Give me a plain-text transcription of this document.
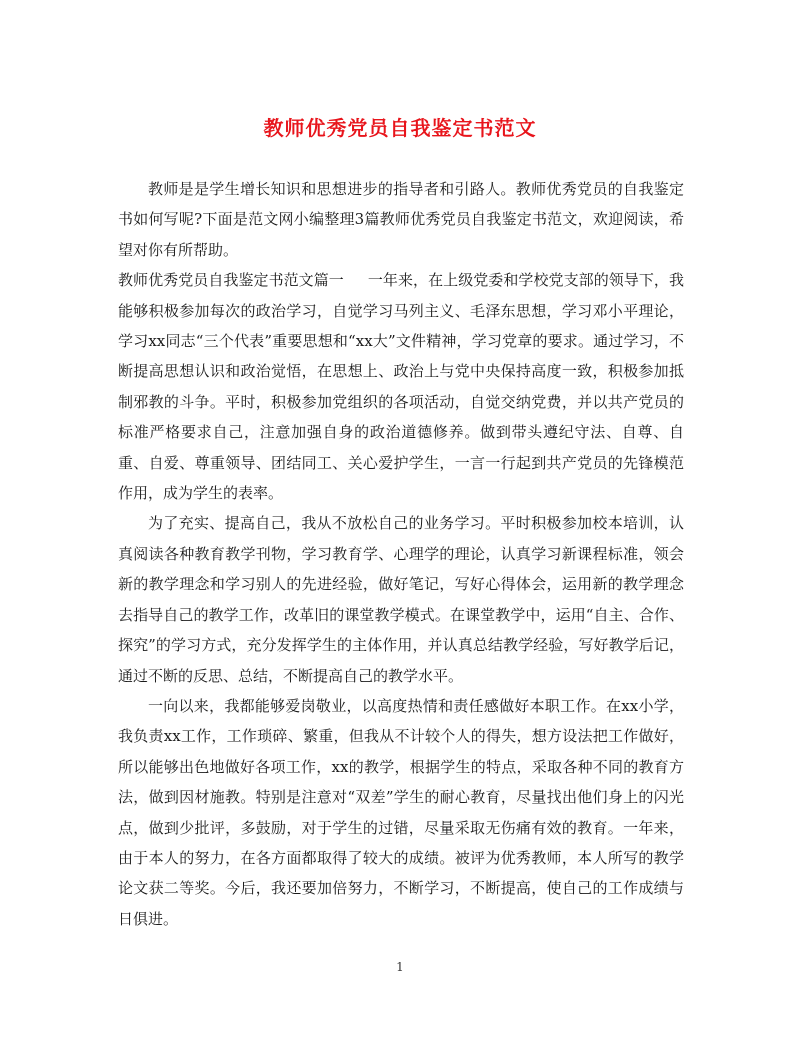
教师优秀党员自我鉴定书范文

教师是是学生增长知识和思想进步的指导者和引路人。教师优秀党员的自我鉴定书如何写呢?下面是范文网小编整理3篇教师优秀党员自我鉴定书范文，欢迎阅读，希望对你有所帮助。

教师优秀党员自我鉴定书范文篇一 一年来，在上级党委和学校党支部的领导下，我能够积极参加每次的政治学习，自觉学习马列主义、毛泽东思想，学习邓小平理论，学习xx同志“三个代表”重要思想和“xx大”文件精神，学习党章的要求。通过学习，不断提高思想认识和政治觉悟，在思想上、政治上与党中央保持高度一致，积极参加抵制邪教的斗争。平时，积极参加党组织的各项活动，自觉交纳党费，并以共产党员的标准严格要求自己，注意加强自身的政治道德修养。做到带头遵纪守法、自尊、自重、自爱、尊重领导、团结同工、关心爱护学生，一言一行起到共产党员的先锋模范作用，成为学生的表率。

为了充实、提高自己，我从不放松自己的业务学习。平时积极参加校本培训，认真阅读各种教育教学刊物，学习教育学、心理学的理论，认真学习新课程标准，领会新的教学理念和学习别人的先进经验，做好笔记，写好心得体会，运用新的教学理念去指导自己的教学工作，改革旧的课堂教学模式。在课堂教学中，运用“自主、合作、探究”的学习方式，充分发挥学生的主体作用，并认真总结教学经验，写好教学后记，通过不断的反思、总结，不断提高自己的教学水平。

一向以来，我都能够爱岗敬业，以高度热情和责任感做好本职工作。在xx小学，我负责xx工作，工作琐碎、繁重，但我从不计较个人的得失，想方设法把工作做好，所以能够出色地做好各项工作，xx的教学，根据学生的特点，采取各种不同的教育方法，做到因材施教。特别是注意对“双差”学生的耐心教育，尽量找出他们身上的闪光点，做到少批评，多鼓励，对于学生的过错，尽量采取无伤痛有效的教育。一年来，由于本人的努力，在各方面都取得了较大的成绩。被评为优秀教师，本人所写的教学论文获二等奖。今后，我还要加倍努力，不断学习，不断提高，使自己的工作成绩与日俱进。

1
